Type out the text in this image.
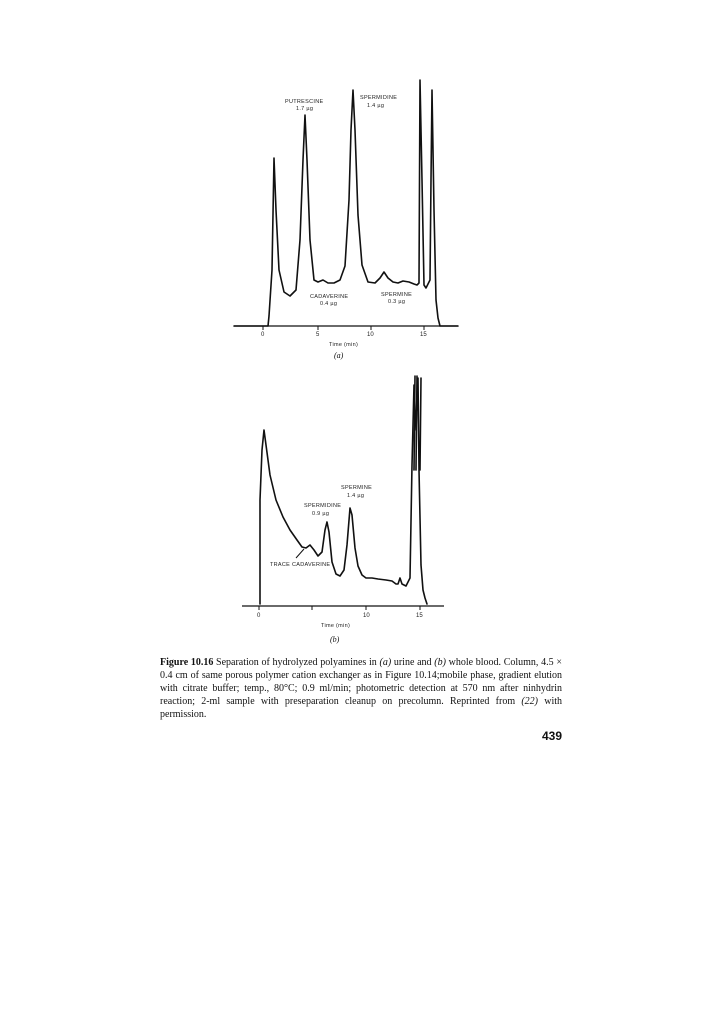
0	5	10	15
Time (min)
(a)
PUTRESCINE
1.7 µg
CADAVERINE
0.4 µg
SPERMIDINE
1.4 µg
SPERMINE
0.3 µg
0	10	15
Time (min)
(b)
TRACE CADAVERINE
SPERMIDINE
0.9 µg
SPERMINE
1.4 µg
Figure 10.16 Separation of hydrolyzed polyamines in (a) urine and (b) whole blood. Column, 4.5 × 0.4 cm of same porous polymer cation exchanger as in Figure 10.14;mobile phase, gradient elution with citrate buffer; temp., 80°C; 0.9 ml/min; photometric detection at 570 nm after ninhydrin reaction; 2-ml sample with preseparation cleanup on precolumn. Reprinted from (22) with permission.
439
